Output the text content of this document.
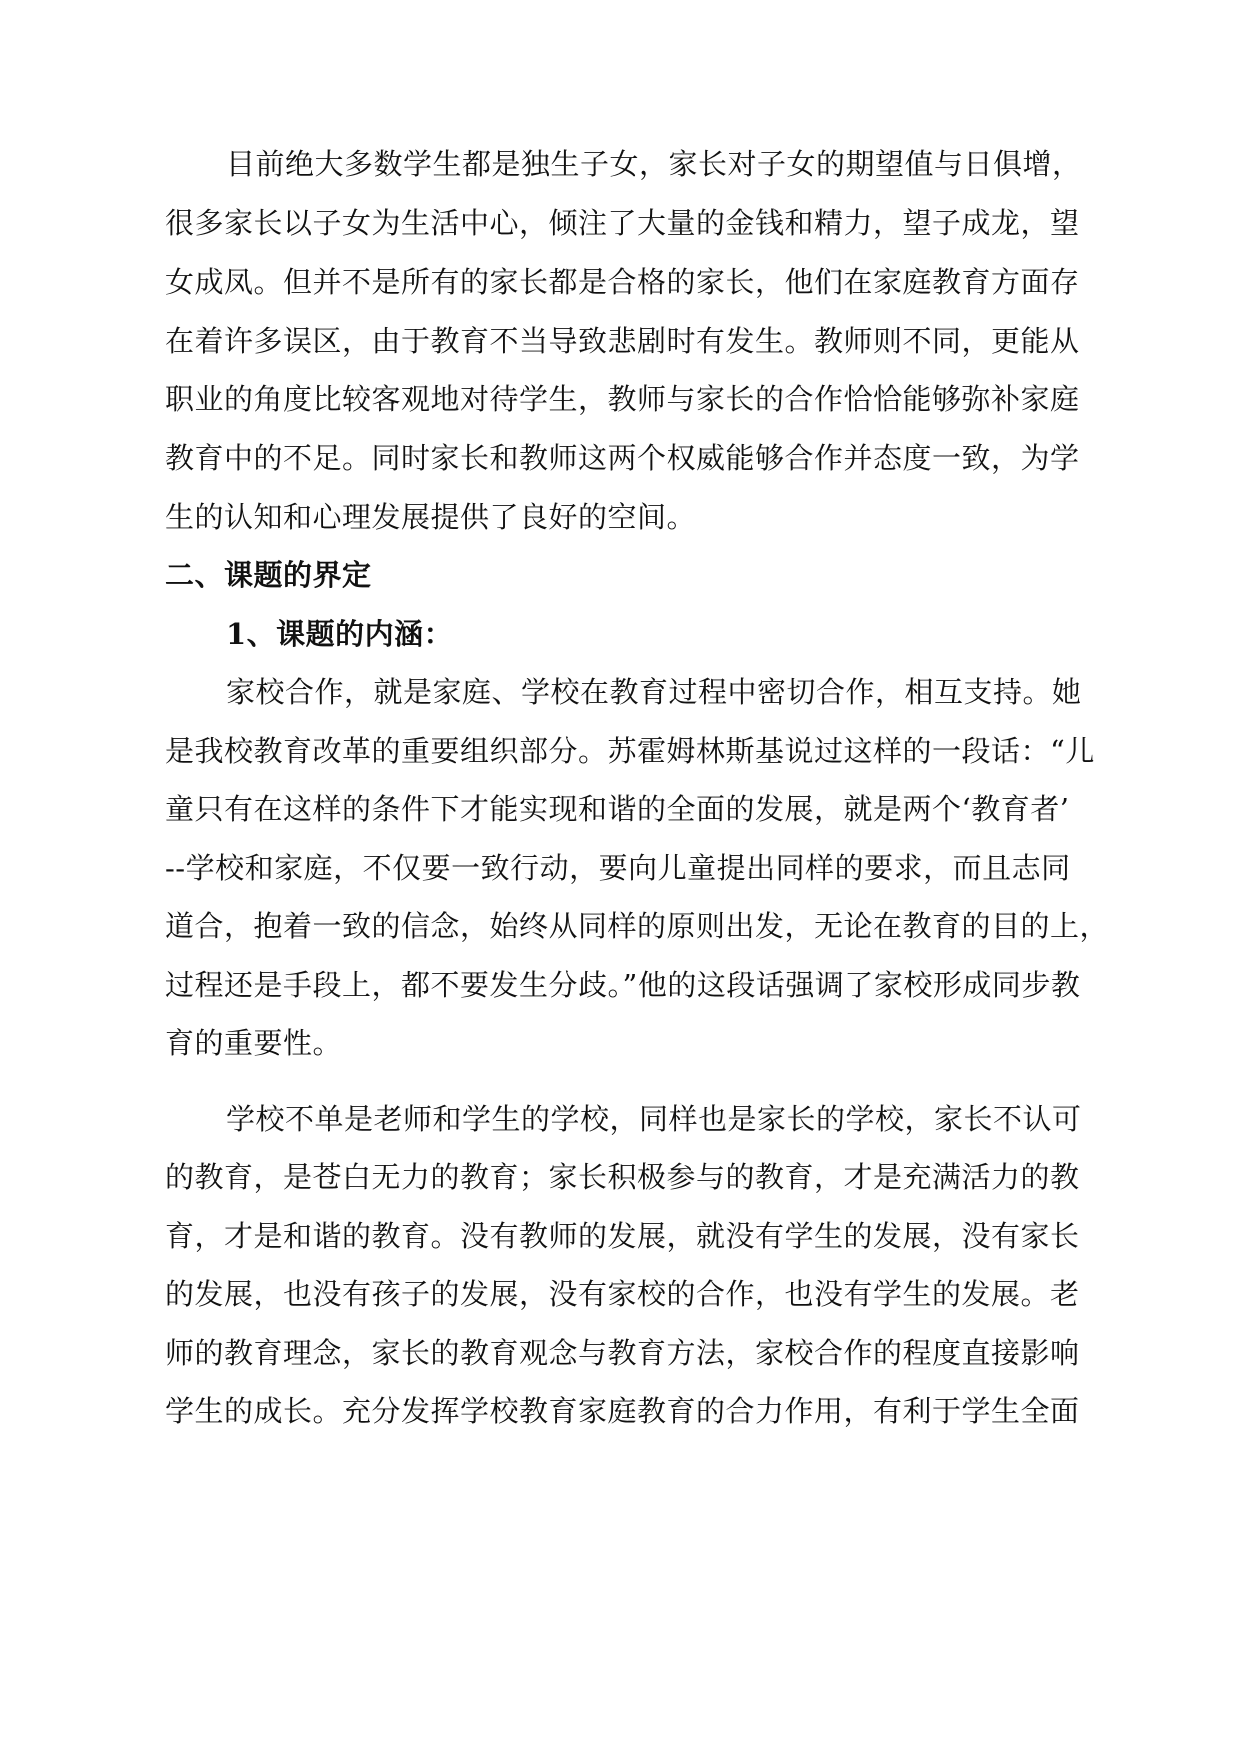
目前绝大多数学生都是独生子女，家长对子女的期望值与日俱增，
很多家长以子女为生活中心，倾注了大量的金钱和精力，望子成龙，望
女成凤。但并不是所有的家长都是合格的家长，他们在家庭教育方面存
在着许多误区，由于教育不当导致悲剧时有发生。教师则不同，更能从
职业的角度比较客观地对待学生，教师与家长的合作恰恰能够弥补家庭
教育中的不足。同时家长和教师这两个权威能够合作并态度一致，为学
生的认知和心理发展提供了良好的空间。
二、课题的界定
1、课题的内涵：
家校合作，就是家庭、学校在教育过程中密切合作，相互支持。她
是我校教育改革的重要组织部分。苏霍姆林斯基说过这样的一段话：“儿
童只有在这样的条件下才能实现和谐的全面的发展，就是两个‘教育者’
--学校和家庭，不仅要一致行动，要向儿童提出同样的要求，而且志同
道合，抱着一致的信念，始终从同样的原则出发，无论在教育的目的上，
过程还是手段上，都不要发生分歧。”他的这段话强调了家校形成同步教
育的重要性。
学校不单是老师和学生的学校，同样也是家长的学校，家长不认可
的教育，是苍白无力的教育；家长积极参与的教育，才是充满活力的教
育，才是和谐的教育。没有教师的发展，就没有学生的发展，没有家长
的发展，也没有孩子的发展，没有家校的合作，也没有学生的发展。老
师的教育理念，家长的教育观念与教育方法，家校合作的程度直接影响
学生的成长。充分发挥学校教育家庭教育的合力作用，有利于学生全面
